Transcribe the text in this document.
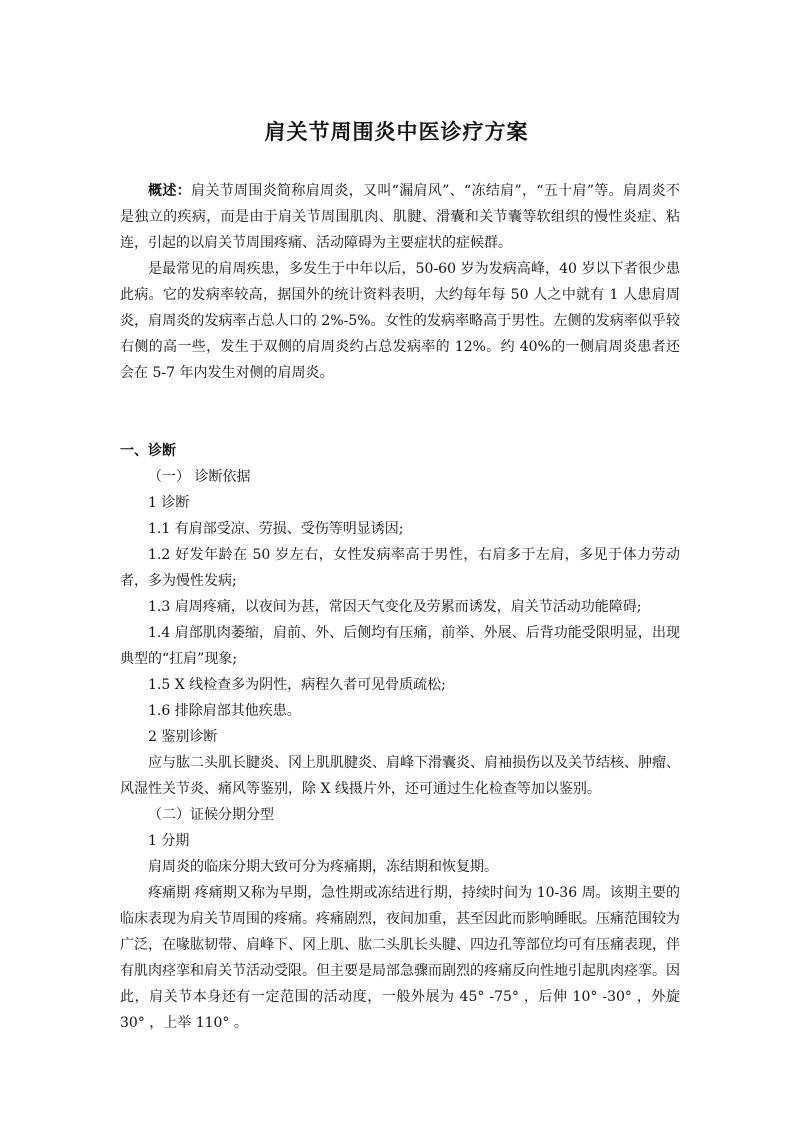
肩关节周围炎中医诊疗方案

概述：肩关节周围炎简称肩周炎，又叫“漏肩风”、“冻结肩”，“五十肩”等。肩周炎不是独立的疾病，而是由于肩关节周围肌肉、肌腱、滑囊和关节囊等软组织的慢性炎症、粘连，引起的以肩关节周围疼痛、活动障碍为主要症状的症候群。

是最常见的肩周疾患，多发生于中年以后，50-60 岁为发病高峰，40 岁以下者很少患此病。它的发病率较高，据国外的统计资料表明，大约每年每 50 人之中就有 1 人患肩周炎，肩周炎的发病率占总人口的 2%-5%。女性的发病率略高于男性。左侧的发病率似乎较右侧的高一些，发生于双侧的肩周炎约占总发病率的 12%。约 40%的一侧肩周炎患者还会在 5-7 年内发生对侧的肩周炎。

一、诊断

（一） 诊断依据

1 诊断

1.1 有肩部受凉、劳损、受伤等明显诱因;

1.2 好发年龄在 50 岁左右，女性发病率高于男性，右肩多于左肩，多见于体力劳动者，多为慢性发病;

1.3 肩周疼痛，以夜间为甚，常因天气变化及劳累而诱发，肩关节活动功能障碍;

1.4 肩部肌肉萎缩，肩前、外、后侧均有压痛，前举、外展、后背功能受限明显，出现典型的“扛肩”现象;

1.5 X 线检查多为阴性，病程久者可见骨质疏松;

1.6 排除肩部其他疾患。

2 鉴别诊断

应与肱二头肌长腱炎、冈上肌肌腱炎、肩峰下滑囊炎、肩袖损伤以及关节结核、肿瘤、风湿性关节炎、痛风等鉴别，除 X 线摄片外，还可通过生化检查等加以鉴别。

（二）证候分期分型

1 分期

肩周炎的临床分期大致可分为疼痛期，冻结期和恢复期。

疼痛期 疼痛期又称为早期，急性期或冻结进行期，持续时间为 10-36 周。该期主要的临床表现为肩关节周围的疼痛。疼痛剧烈，夜间加重，甚至因此而影响睡眠。压痛范围较为广泛，在喙肱韧带、肩峰下、冈上肌、肱二头肌长头腱、四边孔等部位均可有压痛表现，伴有肌肉痉挛和肩关节活动受限。但主要是局部急骤而剧烈的疼痛反向性地引起肌肉痉挛。因此，肩关节本身还有一定范围的活动度，一般外展为 45° -75° ，后伸 10° -30° ，外旋 30° ，上举 110° 。
